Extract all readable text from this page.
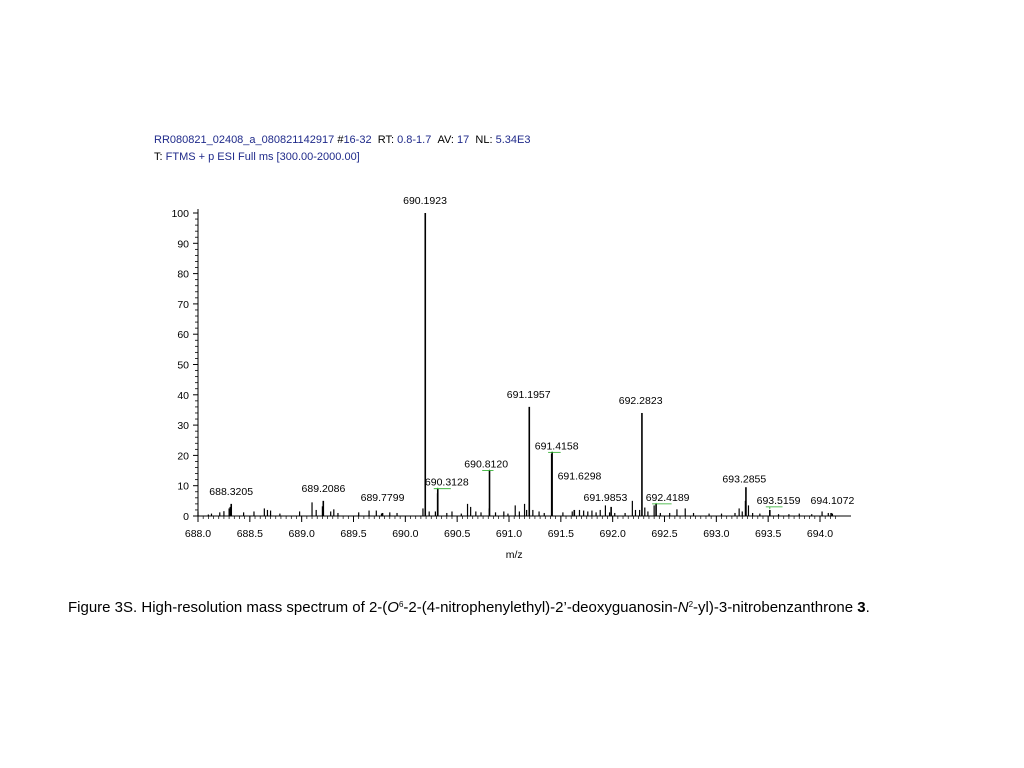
RR080821_02408_a_080821142917 #16-32 RT: 0.8-1.7 AV: 17 NL: 5.34E3
T: FTMS + p ESI Full ms [300.00-2000.00]
0
10
20
30
40
50
60
70
80
90
100
688.0 688.5 689.0 689.5 690.0 690.5 691.0 691.5 692.0 692.5 693.0 693.5 694.0
m/z
688.3205	689.2086
689.7799
690.1923
690.3128
690.8120
691.1957
691.4158
691.6298
691.9853
692.2823
692.4189
693.2855
693.5159 694.1072
Figure 3S. High-resolution mass spectrum of $2-(O^6-2-(4-nitrophenylethyl)-2’-deoxyguanosin-N^2-yl)-3$-nitrobenzanthrone 3.
